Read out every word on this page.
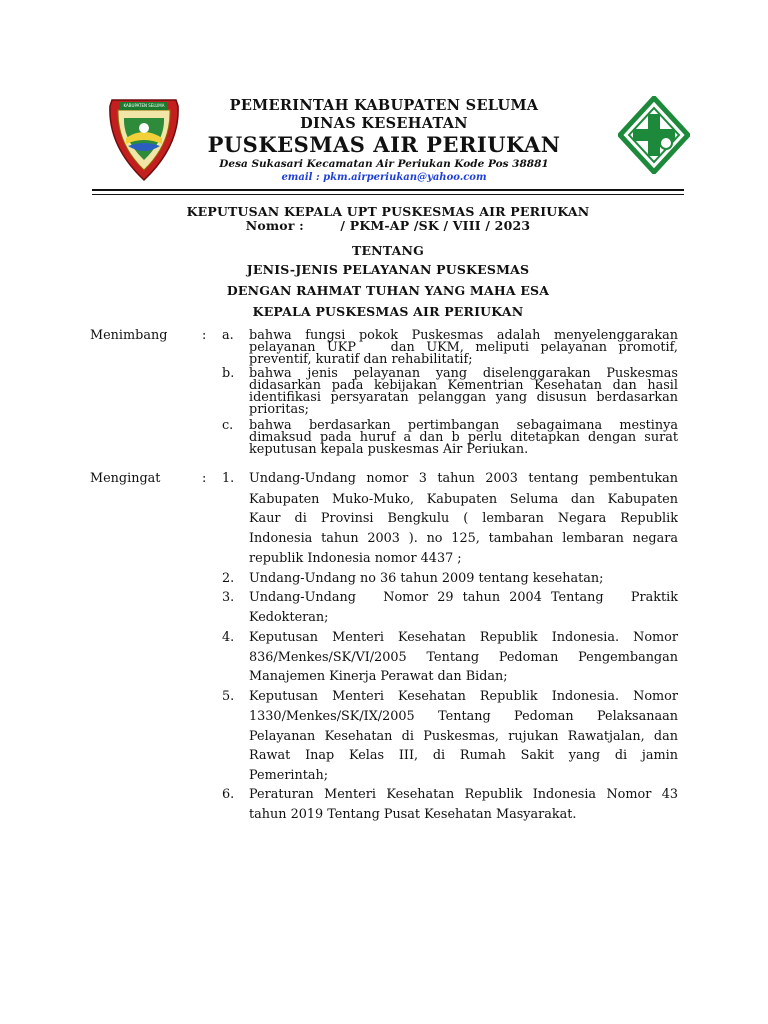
KABUPATEN SELUMA	PEMERINTAH KABUPATEN SELUMA
DINAS KESEHATAN
PUSKESMAS AIR PERIUKAN
Desa Sukasari Kecamatan Air Periukan Kode Pos 38881
email : pkm.airperiukan@yahoo.com
KEPUTUSAN KEPALA UPT PUSKESMAS AIR PERIUKAN
Nomor :        / PKM-AP /SK / VIII / 2023
TENTANG
JENIS-JENIS PELAYANAN PUSKESMAS
DENGAN RAHMAT TUHAN YANG MAHA ESA
KEPALA PUSKESMAS AIR PERIUKAN
Menimbang	: a. bahwa fungsi pokok Puskesmas adalah menyelenggarakan
pelayanan UKP   dan UKM, meliputi pelayanan promotif,
preventif, kuratif dan rehabilitatif;
b. bahwa jenis pelayanan yang diselenggarakan Puskesmas
didasarkan pada kebijakan Kementrian Kesehatan dan hasil
identifikasi persyaratan pelanggan yang disusun berdasarkan
prioritas;
c. bahwa berdasarkan pertimbangan sebagaimana mestinya
dimaksud pada huruf a dan b perlu ditetapkan dengan surat
keputusan kepala puskesmas Air Periukan.
Mengingat	: 1. Undang-Undang nomor 3 tahun 2003 tentang pembentukan
Kabupaten Muko-Muko, Kabupaten Seluma dan Kabupaten
Kaur di Provinsi Bengkulu ( lembaran Negara Republik
Indonesia tahun 2003 ). no 125, tambahan lembaran negara
republik Indonesia nomor 4437 ;
2. Undang-Undang no 36 tahun 2009 tentang kesehatan;
3. Undang-Undang   Nomor 29 tahun 2004 Tentang   Praktik
Kedokteran;
4. Keputusan Menteri Kesehatan Republik Indonesia. Nomor
836/Menkes/SK/VI/2005 Tentang Pedoman Pengembangan
Manajemen Kinerja Perawat dan Bidan;
5. Keputusan Menteri Kesehatan Republik Indonesia. Nomor
1330/Menkes/SK/IX/2005 Tentang Pedoman Pelaksanaan
Pelayanan Kesehatan di Puskesmas, rujukan Rawatjalan, dan
Rawat Inap Kelas III, di Rumah Sakit yang di jamin
Pemerintah;
6. Peraturan Menteri Kesehatan Republik Indonesia Nomor 43
tahun 2019 Tentang Pusat Kesehatan Masyarakat.
